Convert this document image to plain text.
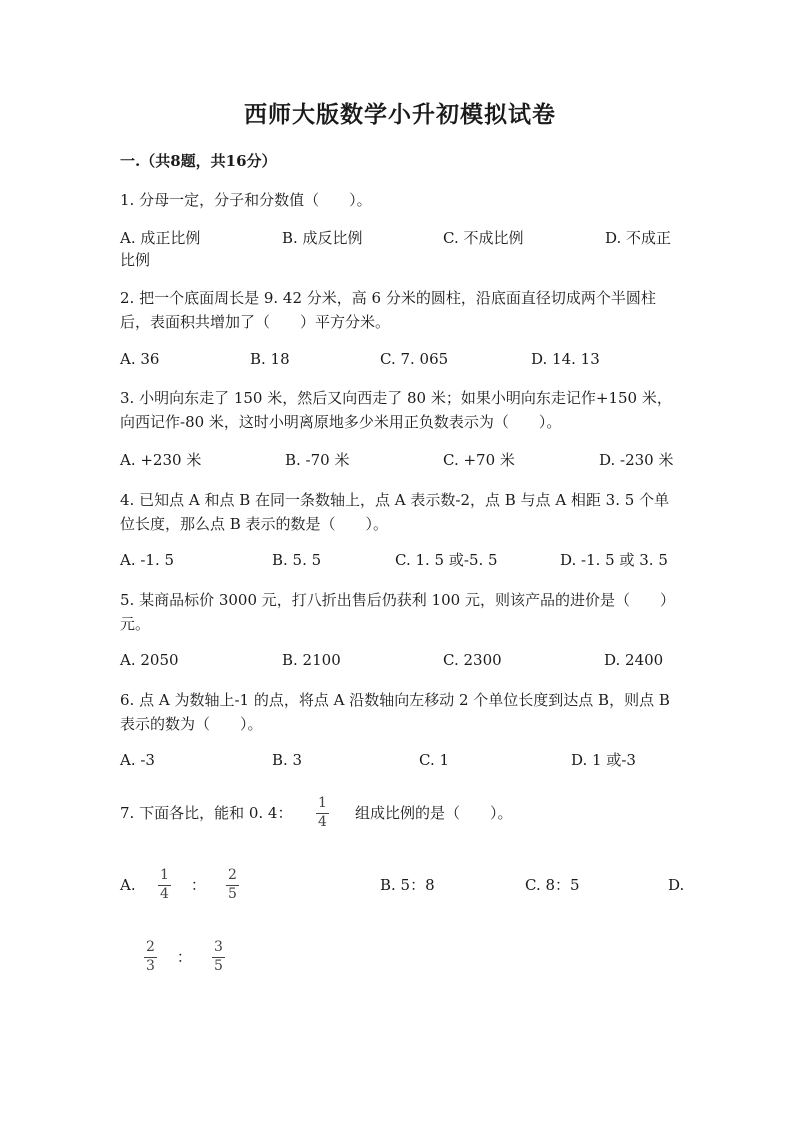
西师大版数学小升初模拟试卷
一.（共8题，共16分）
1. 分母一定，分子和分数值（　　）。
A. 成正比例	B. 成反比例	C. 不成比例	D. 不成正
比例
2. 把一个底面周长是 9. 42 分米，高 6 分米的圆柱，沿底面直径切成两个半圆柱后，表面积共增加了（　　）平方分米。
A. 36	B. 18	C. 7. 065	D. 14. 13
3. 小明向东走了 150 米，然后又向西走了 80 米；如果小明向东走记作+150 米，向西记作-80 米，这时小明离原地多少米用正负数表示为（　　）。
A. +230 米	B. -70 米	C. +70 米	D. -230 米
4. 已知点 A 和点 B 在同一条数轴上，点 A 表示数-2，点 B 与点 A 相距 3. 5 个单位长度，那么点 B 表示的数是（　　）。
A. -1. 5	B. 5. 5	C. 1. 5 或-5. 5	D. -1. 5 或 3. 5
5. 某商品标价 3000 元，打八折出售后仍获利 100 元，则该产品的进价是（　　）元。
A. 2050	B. 2100	C. 2300	D. 2400
6. 点 A 为数轴上-1 的点，将点 A 沿数轴向左移动 2 个单位长度到达点 B，则点 B 表示的数为（　　）。
A. -3	B. 3	C. 1	D. 1 或-3
7. 下面各比，能和 0. 4： $\frac{1}{4}$ 组成比例的是（　　）。
A. $\frac{1}{4}$ ： $\frac{2}{5}$	B. 5：8	C. 8：5	D.
$\frac{2}{3}$ ： $\frac{3}{5}$
